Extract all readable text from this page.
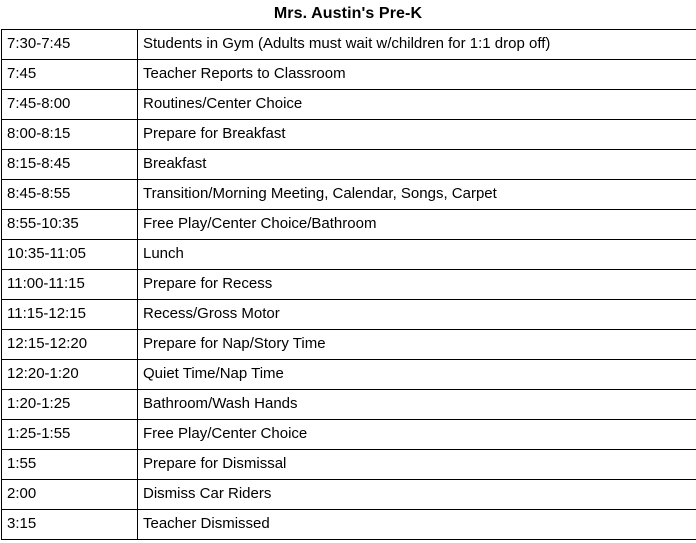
Mrs. Austin's Pre-K
7:30-7:45	Students in Gym (Adults must wait w/children for 1:1 drop off)
7:45	Teacher Reports to Classroom
7:45-8:00	Routines/Center Choice
8:00-8:15	Prepare for Breakfast
8:15-8:45	Breakfast
8:45-8:55	Transition/Morning Meeting, Calendar, Songs, Carpet
8:55-10:35	Free Play/Center Choice/Bathroom
10:35-11:05	Lunch
11:00-11:15	Prepare for Recess
11:15-12:15	Recess/Gross Motor
12:15-12:20	Prepare for Nap/Story Time
12:20-1:20	Quiet Time/Nap Time
1:20-1:25	Bathroom/Wash Hands
1:25-1:55	Free Play/Center Choice
1:55	Prepare for Dismissal
2:00	Dismiss Car Riders
3:15	Teacher Dismissed
